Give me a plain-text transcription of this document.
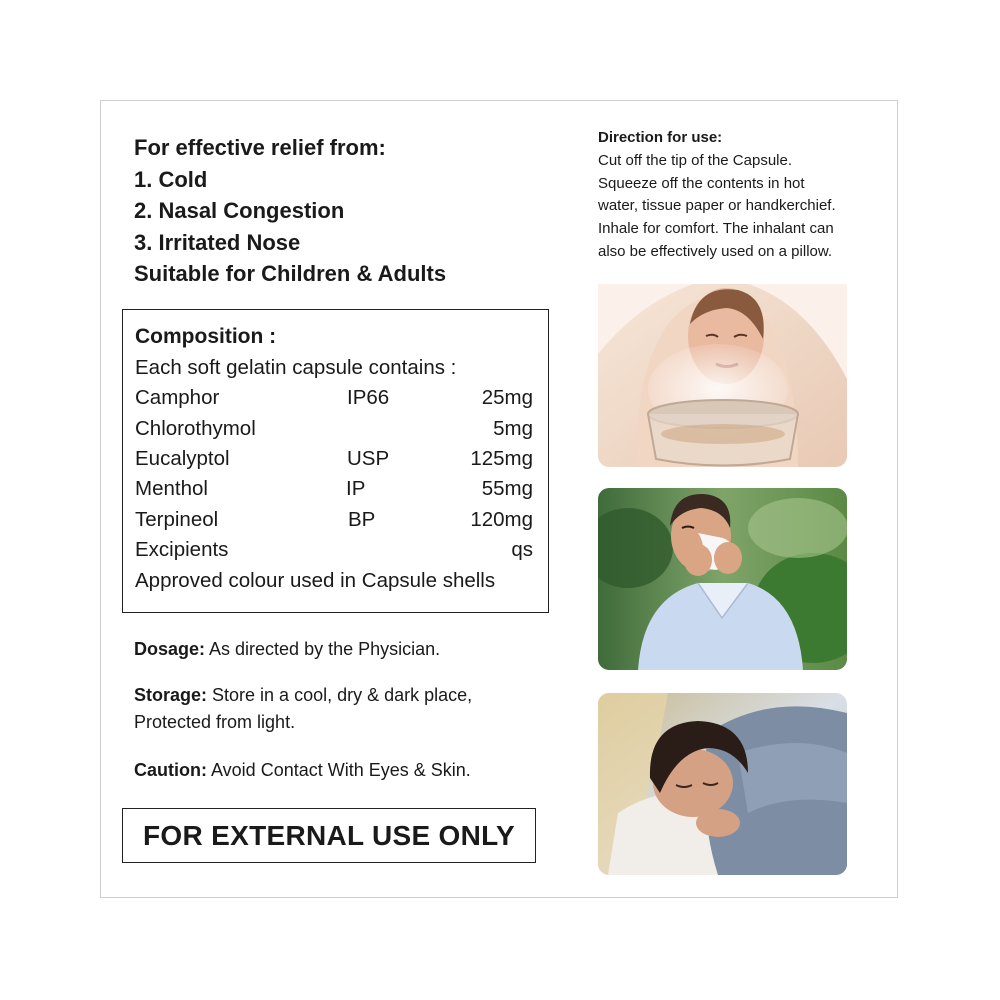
For effective relief from:
1. Cold
2. Nasal Congestion
3. Irritated Nose
Suitable for Children & Adults
Composition :
Each soft gelatin capsule contains :
Camphor	IP66	25mg
Chlorothymol	5mg
Eucalyptol	USP	125mg
Menthol	IP	55mg
Terpineol	BP	120mg
Excipients	qs
Approved colour used in Capsule shells
Dosage: As directed by the Physician.
Storage: Store in a cool, dry & dark place,
Protected from light.
Caution: Avoid Contact With Eyes & Skin.
FOR EXTERNAL USE ONLY
Direction for use:
Cut off the tip of the Capsule.
Squeeze off the contents in hot
water, tissue paper or handkerchief.
Inhale for comfort. The inhalant can
also be effectively used on a pillow.
